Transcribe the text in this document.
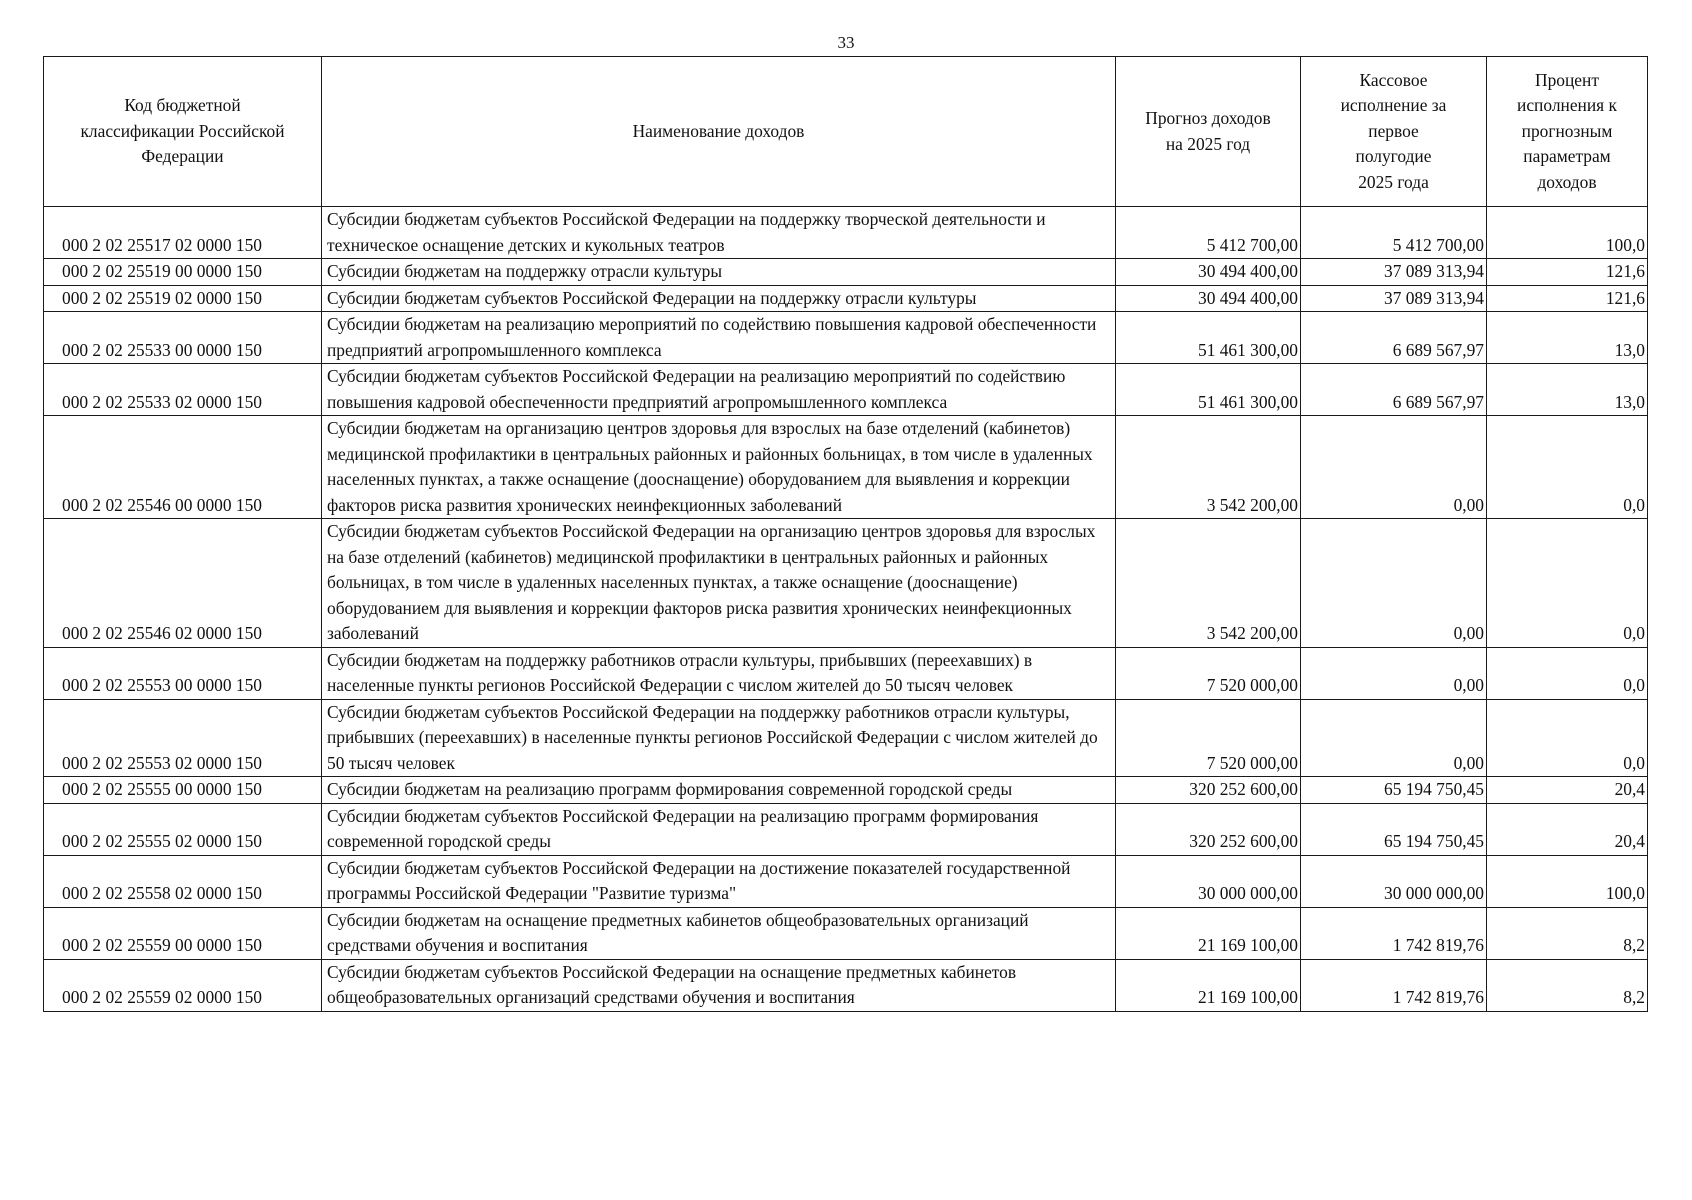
33
Код бюджетной классификации Российской Федерации	Наименование доходов	Прогноз доходов на 2025 год	Кассовое исполнение за первое полугодие 2025 года	Процент исполнения к прогнозным параметрам доходов
000 2 02 25517 02 0000 150	Субсидии бюджетам субъектов Российской Федерации на поддержку творческой деятельности и техническое оснащение детских и кукольных театров	5 412 700,00	5 412 700,00	100,0
000 2 02 25519 00 0000 150	Субсидии бюджетам на поддержку отрасли культуры	30 494 400,00	37 089 313,94	121,6
000 2 02 25519 02 0000 150	Субсидии бюджетам субъектов Российской Федерации на поддержку отрасли культуры	30 494 400,00	37 089 313,94	121,6
000 2 02 25533 00 0000 150	Субсидии бюджетам на реализацию мероприятий по содействию повышения кадровой обеспеченности предприятий агропромышленного комплекса	51 461 300,00	6 689 567,97	13,0
000 2 02 25533 02 0000 150	Субсидии бюджетам субъектов Российской Федерации на реализацию мероприятий по содействию повышения кадровой обеспеченности предприятий агропромышленного комплекса	51 461 300,00	6 689 567,97	13,0
000 2 02 25546 00 0000 150	Субсидии бюджетам на организацию центров здоровья для взрослых на базе отделений (кабинетов) медицинской профилактики в центральных районных и районных больницах, в том числе в удаленных населенных пунктах, а также оснащение (дооснащение) оборудованием для выявления и коррекции факторов риска развития хронических неинфекционных заболеваний	3 542 200,00	0,00	0,0
000 2 02 25546 02 0000 150	Субсидии бюджетам субъектов Российской Федерации на организацию центров здоровья для взрослых на базе отделений (кабинетов) медицинской профилактики в центральных районных и районных больницах, в том числе в удаленных населенных пунктах, а также оснащение (дооснащение) оборудованием для выявления и коррекции факторов риска развития хронических неинфекционных заболеваний	3 542 200,00	0,00	0,0
000 2 02 25553 00 0000 150	Субсидии бюджетам на поддержку работников отрасли культуры, прибывших (переехавших) в населенные пункты регионов Российской Федерации с числом жителей до 50 тысяч человек	7 520 000,00	0,00	0,0
000 2 02 25553 02 0000 150	Субсидии бюджетам субъектов Российской Федерации на поддержку работников отрасли культуры, прибывших (переехавших) в населенные пункты регионов Российской Федерации с числом жителей до 50 тысяч человек	7 520 000,00	0,00	0,0
000 2 02 25555 00 0000 150	Субсидии бюджетам на реализацию программ формирования современной городской среды	320 252 600,00	65 194 750,45	20,4
000 2 02 25555 02 0000 150	Субсидии бюджетам субъектов Российской Федерации на реализацию программ формирования современной городской среды	320 252 600,00	65 194 750,45	20,4
000 2 02 25558 02 0000 150	Субсидии бюджетам субъектов Российской Федерации на достижение показателей государственной программы Российской Федерации "Развитие туризма"	30 000 000,00	30 000 000,00	100,0
000 2 02 25559 00 0000 150	Субсидии бюджетам на оснащение предметных кабинетов общеобразовательных организаций средствами обучения и воспитания	21 169 100,00	1 742 819,76	8,2
000 2 02 25559 02 0000 150	Субсидии бюджетам субъектов Российской Федерации на оснащение предметных кабинетов общеобразовательных организаций средствами обучения и воспитания	21 169 100,00	1 742 819,76	8,2
